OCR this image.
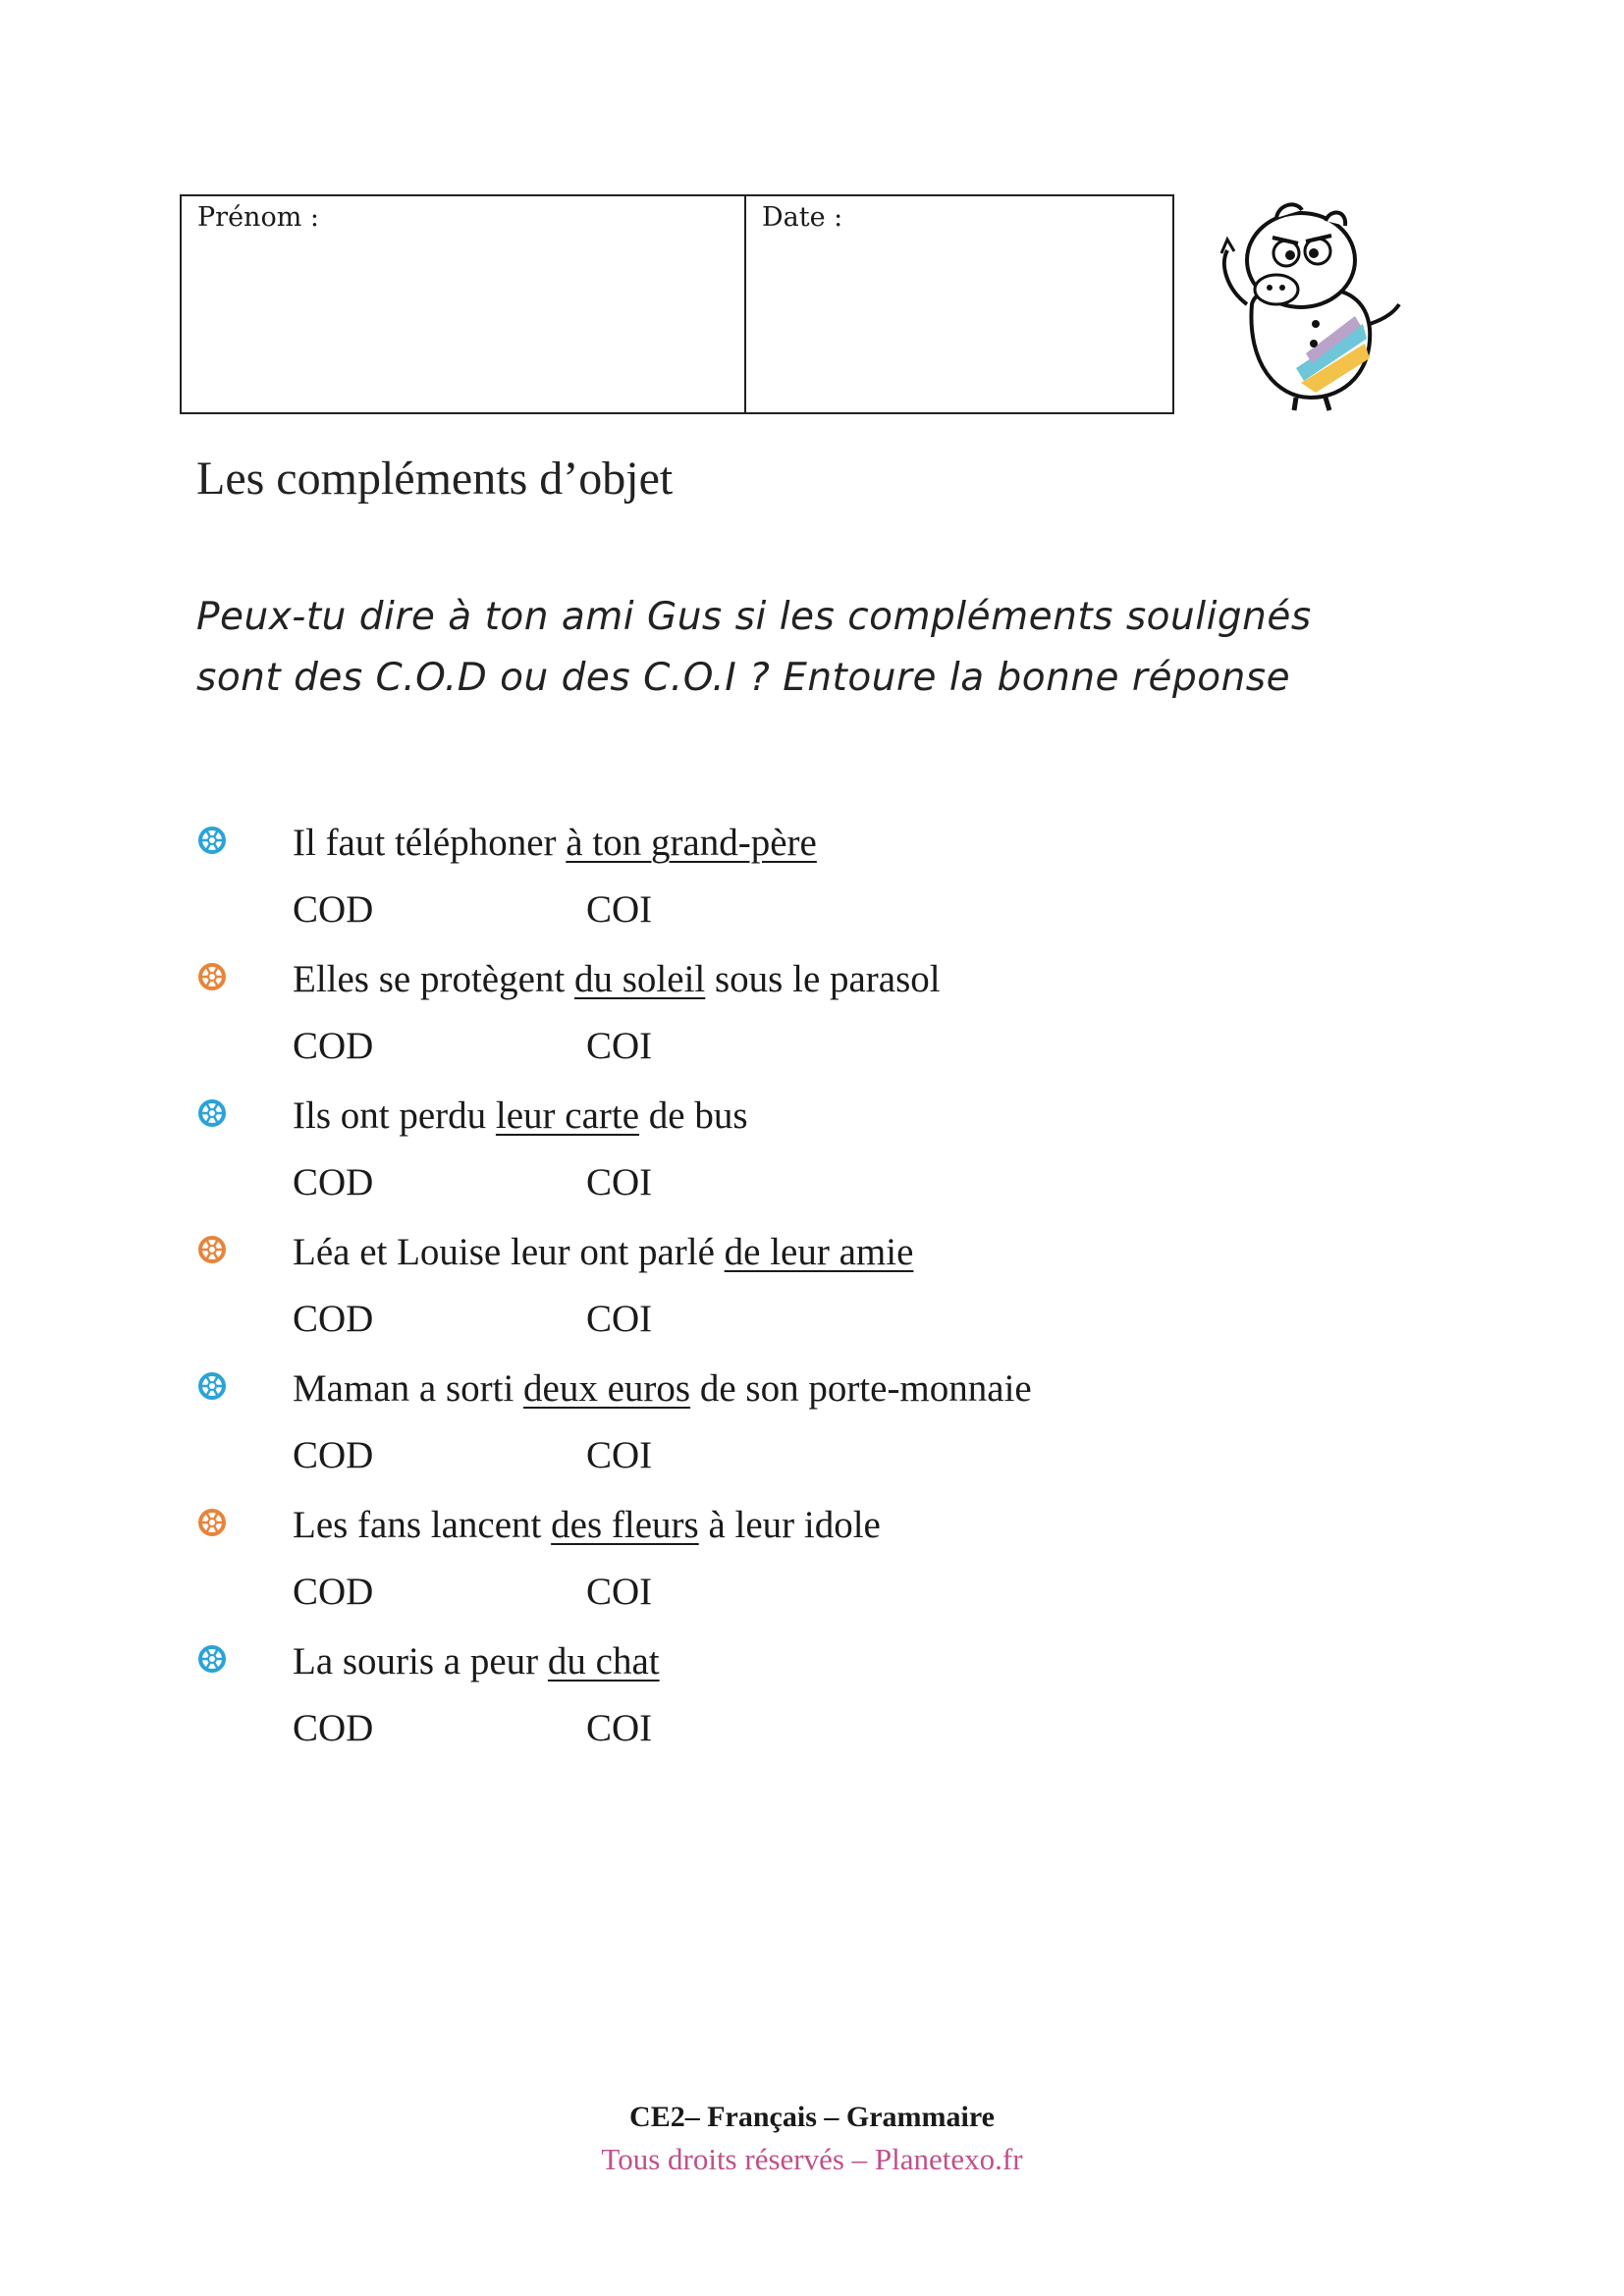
Prénom :	Date :
Les compléments d’objet
Peux-tu dire à ton ami Gus si les compléments soulignés
sont des C.O.D ou des C.O.I ? Entoure la bonne réponse
Il faut téléphoner à ton grand-père
COD	COI
Elles se protègent du soleil sous le parasol
COD	COI
Ils ont perdu leur carte de bus
COD	COI
Léa et Louise leur ont parlé de leur amie
COD	COI
Maman a sorti deux euros de son porte-monnaie
COD	COI
Les fans lancent des fleurs à leur idole
COD	COI
La souris a peur du chat
COD	COI
CE2– Français – Grammaire
Tous droits réservés – Planetexo.fr
